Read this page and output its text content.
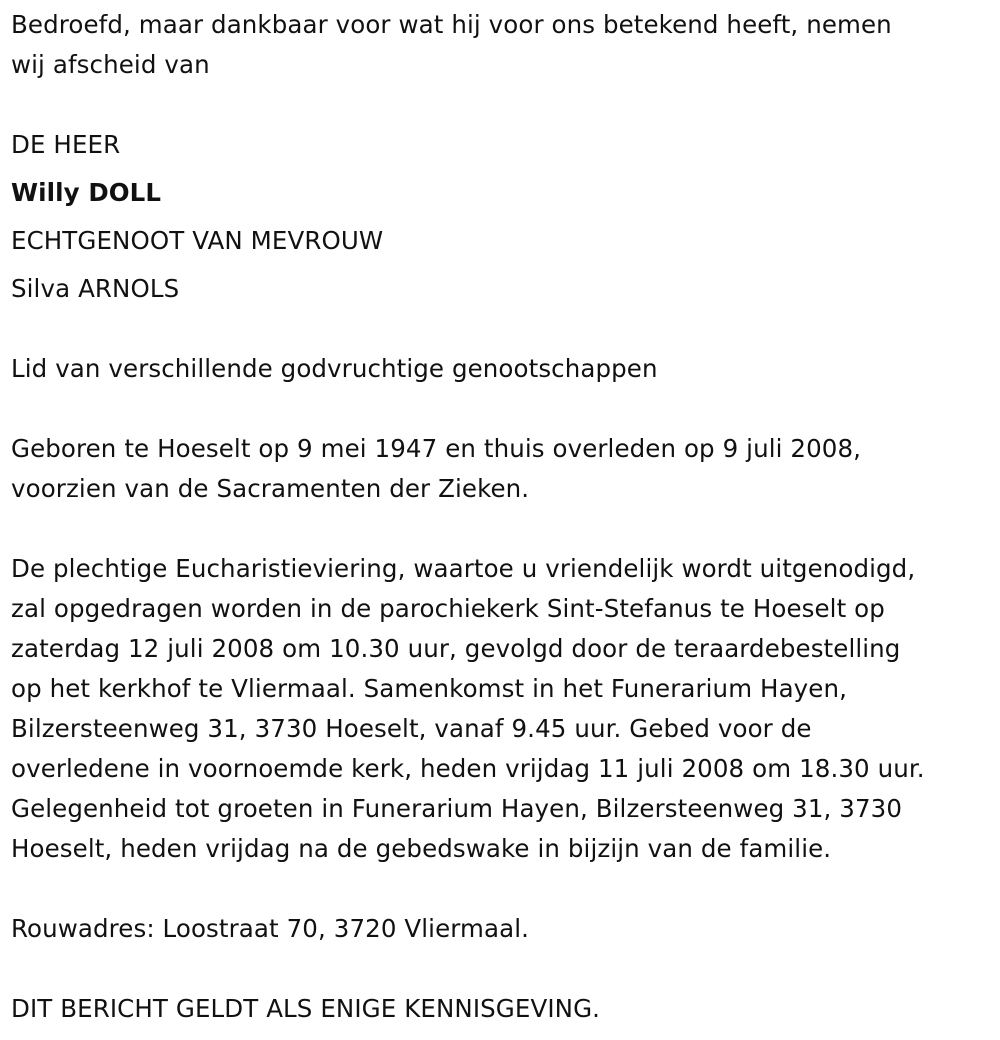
Bedroefd, maar dankbaar voor wat hij voor ons betekend heeft, nemen
wij afscheid van
DE HEER
Willy DOLL
ECHTGENOOT VAN MEVROUW
Silva ARNOLS
Lid van verschillende godvruchtige genootschappen
Geboren te Hoeselt op 9 mei 1947 en thuis overleden op 9 juli 2008,
voorzien van de Sacramenten der Zieken.
De plechtige Eucharistieviering, waartoe u vriendelijk wordt uitgenodigd,
zal opgedragen worden in de parochiekerk Sint-Stefanus te Hoeselt op
zaterdag 12 juli 2008 om 10.30 uur, gevolgd door de teraardebestelling
op het kerkhof te Vliermaal. Samenkomst in het Funerarium Hayen,
Bilzersteenweg 31, 3730 Hoeselt, vanaf 9.45 uur. Gebed voor de
overledene in voornoemde kerk, heden vrijdag 11 juli 2008 om 18.30 uur.
Gelegenheid tot groeten in Funerarium Hayen, Bilzersteenweg 31, 3730
Hoeselt, heden vrijdag na de gebedswake in bijzijn van de familie.
Rouwadres: Loostraat 70, 3720 Vliermaal.
DIT BERICHT GELDT ALS ENIGE KENNISGEVING.
